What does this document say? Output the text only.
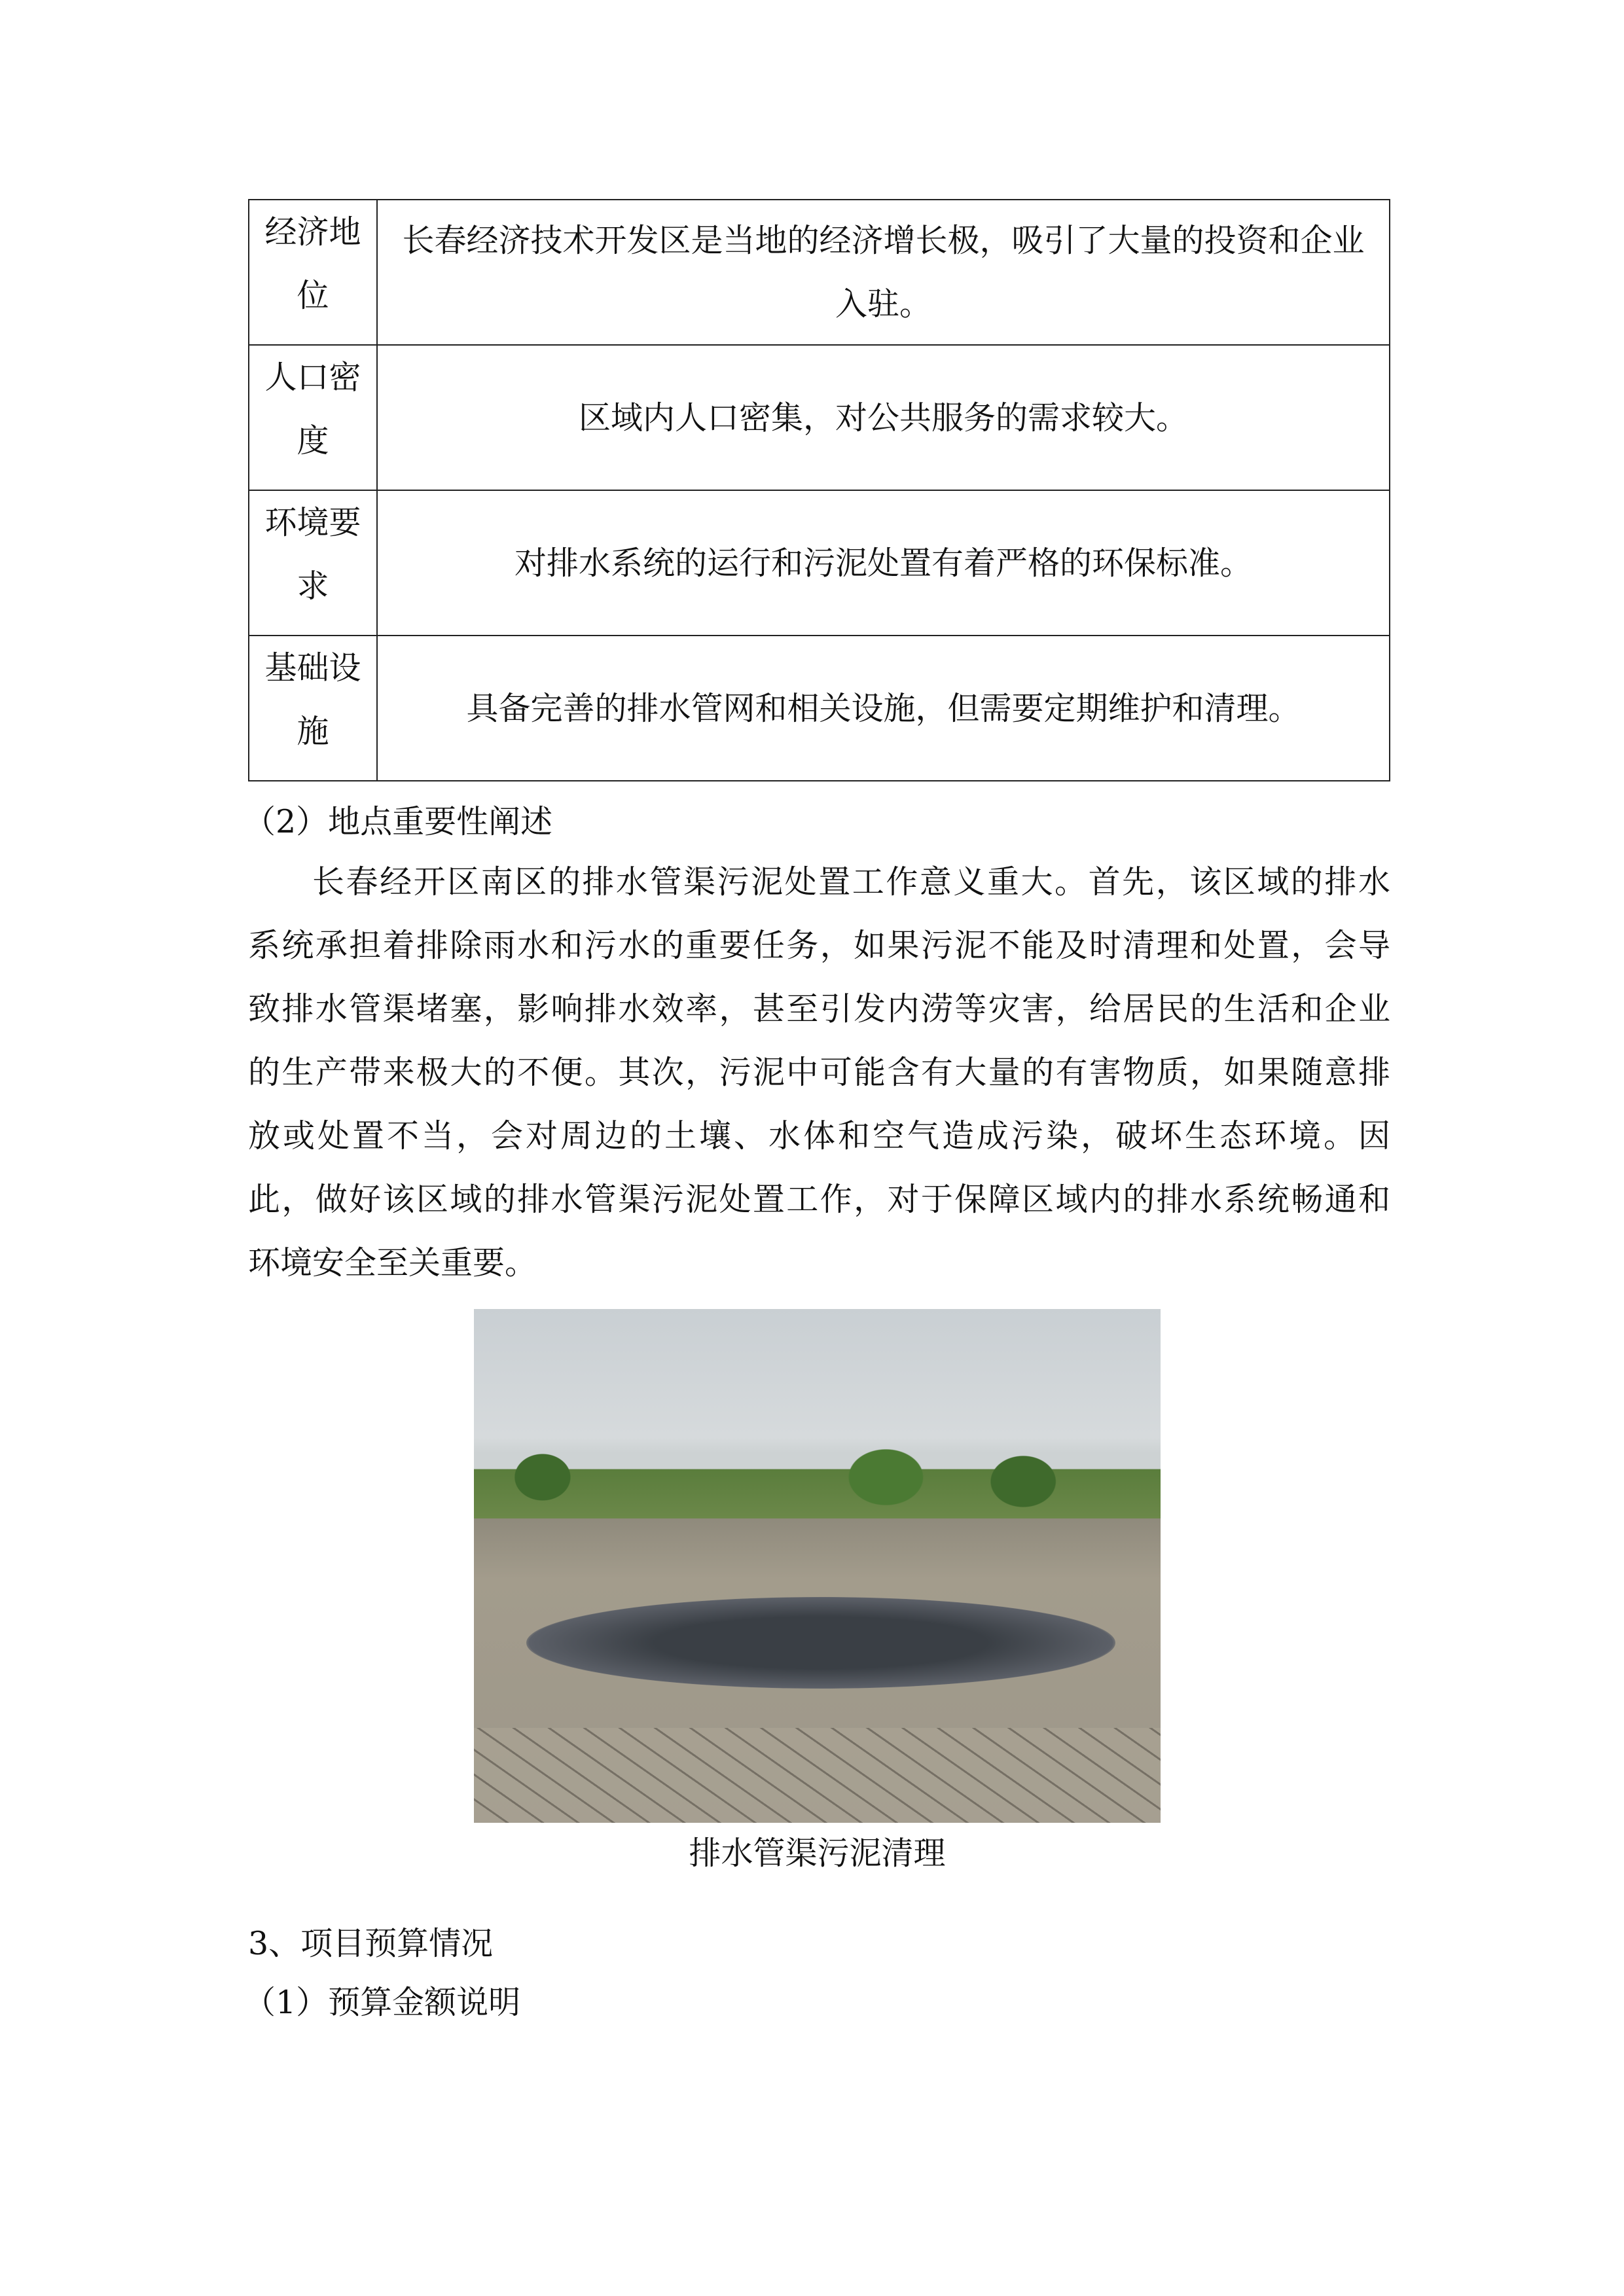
经济地位	长春经济技术开发区是当地的经济增长极，吸引了大量的投资和企业入驻。
人口密度	区域内人口密集，对公共服务的需求较大。
环境要求	对排水系统的运行和污泥处置有着严格的环保标准。
基础设施	具备完善的排水管网和相关设施，但需要定期维护和清理。
（2）地点重要性阐述
长春经开区南区的排水管渠污泥处置工作意义重大。首先，该区域的排水
系统承担着排除雨水和污水的重要任务，如果污泥不能及时清理和处置，会导
致排水管渠堵塞，影响排水效率，甚至引发内涝等灾害，给居民的生活和企业
的生产带来极大的不便。其次，污泥中可能含有大量的有害物质，如果随意排
放或处置不当，会对周边的土壤、水体和空气造成污染，破坏生态环境。因
此，做好该区域的排水管渠污泥处置工作，对于保障区域内的排水系统畅通和
环境安全至关重要。
排水管渠污泥清理
3、项目预算情况
（1）预算金额说明
